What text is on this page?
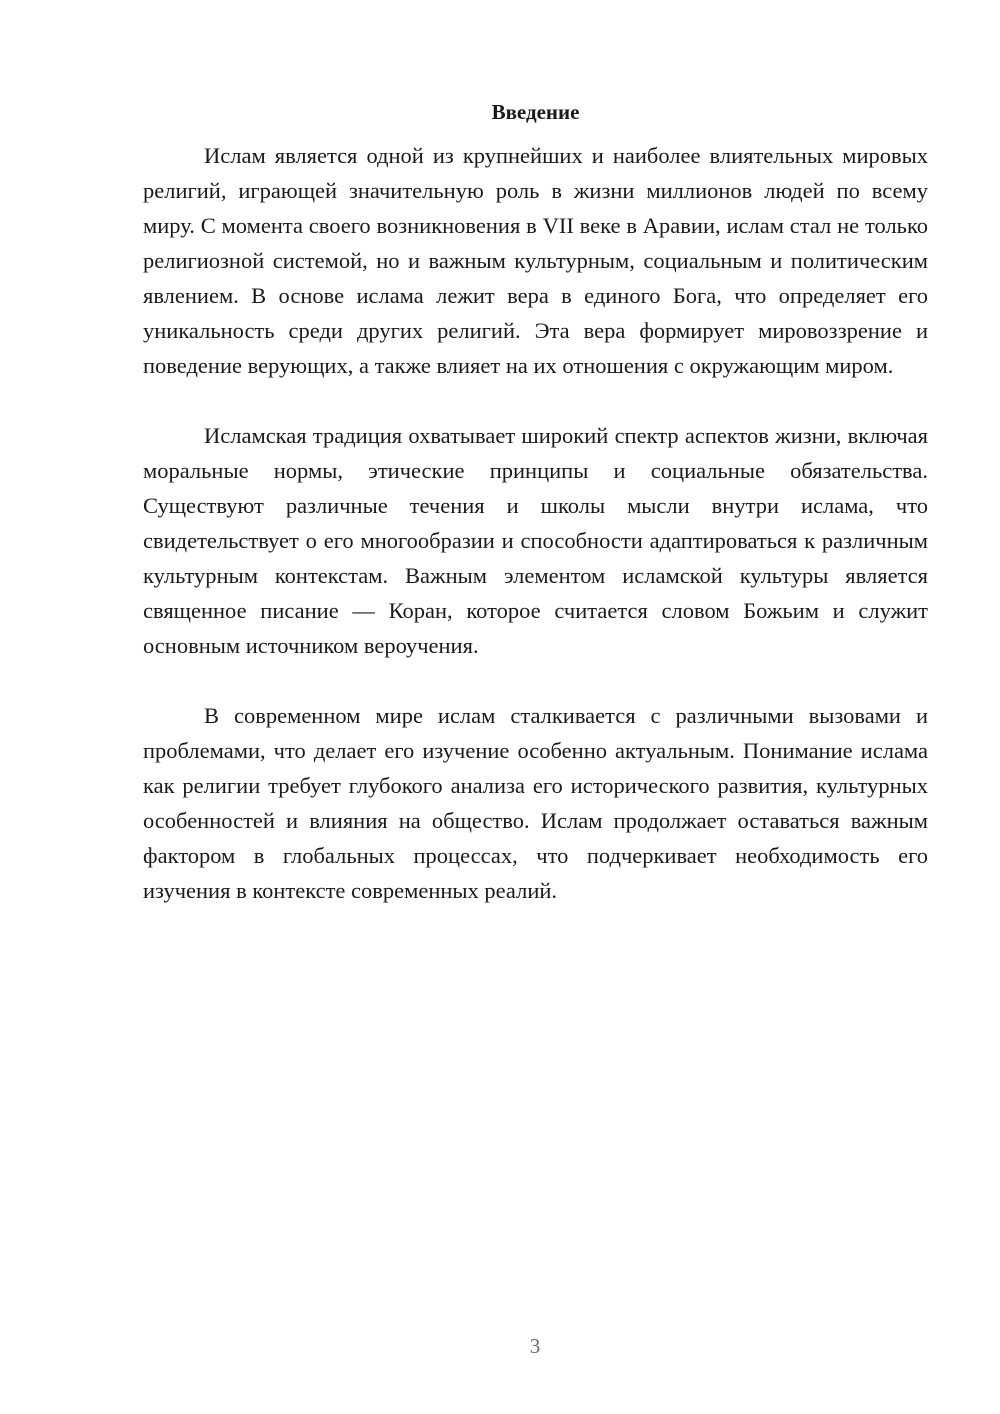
Введение

Ислам является одной из крупнейших и наиболее влиятельных мировых религий, играющей значительную роль в жизни миллионов людей по всему миру. С момента своего возникновения в VII веке в Аравии, ислам стал не только религиозной системой, но и важным культурным, социальным и политическим явлением. В основе ислама лежит вера в единого Бога, что определяет его уникальность среди других религий. Эта вера формирует мировоззрение и поведение верующих, а также влияет на их отношения с окружающим миром.

Исламская традиция охватывает широкий спектр аспектов жизни, включая моральные нормы, этические принципы и социальные обязательства. Существуют различные течения и школы мысли внутри ислама, что свидетельствует о его многообразии и способности адаптироваться к различным культурным контекстам. Важным элементом исламской культуры является священное писание — Коран, которое считается словом Божьим и служит основным источником вероучения.

В современном мире ислам сталкивается с различными вызовами и проблемами, что делает его изучение особенно актуальным. Понимание ислама как религии требует глубокого анализа его исторического развития, культурных особенностей и влияния на общество. Ислам продолжает оставаться важным фактором в глобальных процессах, что подчеркивает необходимость его изучения в контексте современных реалий.

3
